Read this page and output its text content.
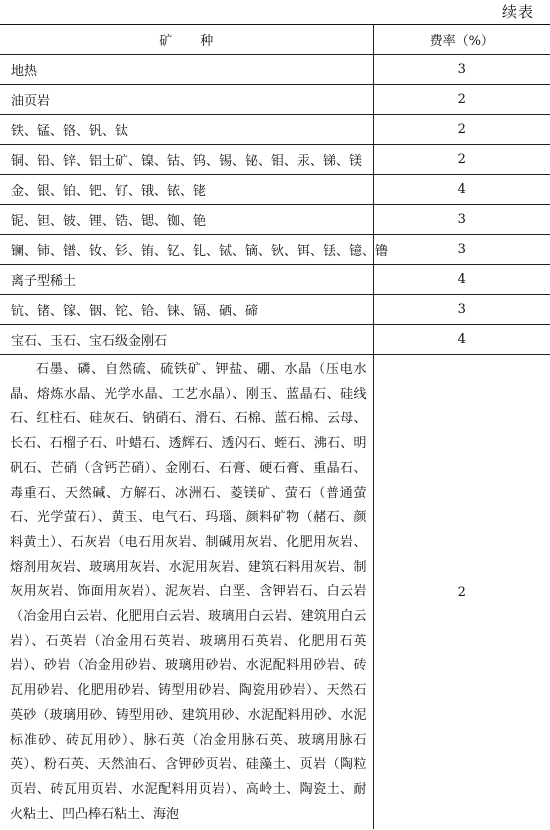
续表
矿 种	费率（%）
地热	3
油页岩	2
铁、锰、铬、钒、钛	2
铜、铅、锌、铝土矿、镍、钴、钨、锡、铋、钼、汞、锑、镁	2
金、银、铂、钯、钌、锇、铱、铑	4
铌、钽、铍、锂、锆、锶、铷、铯	3
镧、铈、镨、钕、钐、铕、钇、钆、铽、镝、钬、铒、铥、镱、镥	3
离子型稀土	4
钪、锗、镓、铟、铊、铪、铼、镉、硒、碲	3
宝石、玉石、宝石级金刚石	4
石墨、磷、自然硫、硫铁矿、钾盐、硼、水晶（压电水晶、熔炼水晶、光学水晶、工艺水晶）、刚玉、蓝晶石、硅线石、红柱石、硅灰石、钠硝石、滑石、石棉、蓝石棉、云母、长石、石榴子石、叶蜡石、透辉石、透闪石、蛭石、沸石、明矾石、芒硝（含钙芒硝）、金刚石、石膏、硬石膏、重晶石、毒重石、天然碱、方解石、冰洲石、菱镁矿、萤石（普通萤石、光学萤石）、黄玉、电气石、玛瑙、颜料矿物（赭石、颜料黄土）、石灰岩（电石用灰岩、制碱用灰岩、化肥用灰岩、熔剂用灰岩、玻璃用灰岩、水泥用灰岩、建筑石料用灰岩、制灰用灰岩、饰面用灰岩）、泥灰岩、白垩、含钾岩石、白云岩（冶金用白云岩、化肥用白云岩、玻璃用白云岩、建筑用白云岩）、石英岩（冶金用石英岩、玻璃用石英岩、化肥用石英岩）、砂岩（冶金用砂岩、玻璃用砂岩、水泥配料用砂岩、砖瓦用砂岩、化肥用砂岩、铸型用砂岩、陶瓷用砂岩）、天然石英砂（玻璃用砂、铸型用砂、建筑用砂、水泥配料用砂、水泥标准砂、砖瓦用砂）、脉石英（冶金用脉石英、玻璃用脉石英）、粉石英、天然油石、含钾砂页岩、硅藻土、页岩（陶粒页岩、砖瓦用页岩、水泥配料用页岩）、高岭土、陶瓷土、耐火粘土、凹凸棒石粘土、海泡	2
